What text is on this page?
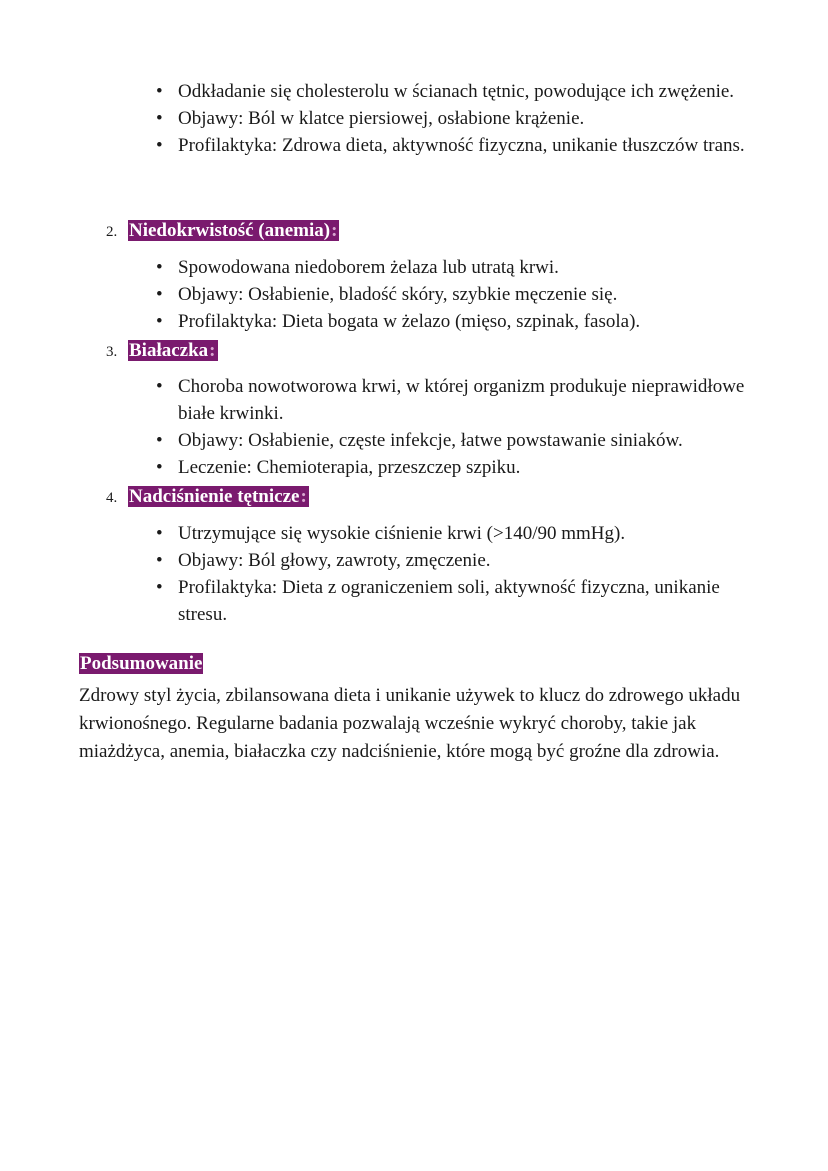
• Odkładanie się cholesterolu w ścianach tętnic, powodujące ich zwężenie.
• Objawy: Ból w klatce piersiowej, osłabione krążenie.
• Profilaktyka: Zdrowa dieta, aktywność fizyczna, unikanie tłuszczów trans.
2. Niedokrwistość (anemia):
• Spowodowana niedoborem żelaza lub utratą krwi.
• Objawy: Osłabienie, bladość skóry, szybkie męczenie się.
• Profilaktyka: Dieta bogata w żelazo (mięso, szpinak, fasola).
3. Białaczka:
• Choroba nowotworowa krwi, w której organizm produkuje nieprawidłowe białe krwinki.
• Objawy: Osłabienie, częste infekcje, łatwe powstawanie siniaków.
• Leczenie: Chemioterapia, przeszczep szpiku.
4. Nadciśnienie tętnicze:
• Utrzymujące się wysokie ciśnienie krwi (>140/90 mmHg).
• Objawy: Ból głowy, zawroty, zmęczenie.
• Profilaktyka: Dieta z ograniczeniem soli, aktywność fizyczna, unikanie stresu.
Podsumowanie

Zdrowy styl życia, zbilansowana dieta i unikanie używek to klucz do zdrowego układu krwionośnego. Regularne badania pozwalają wcześnie wykryć choroby, takie jak miażdżyca, anemia, białaczka czy nadciśnienie, które mogą być groźne dla zdrowia.
